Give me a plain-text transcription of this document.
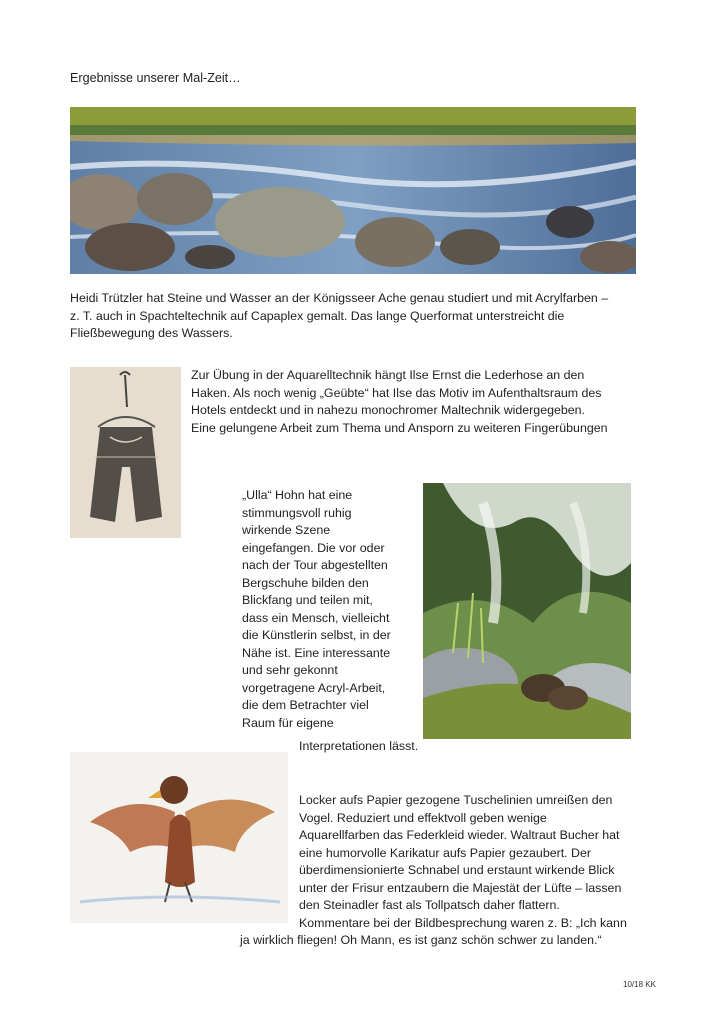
Ergebnisse unserer Mal-Zeit…
Heidi Trützler hat Steine und Wasser an der Königsseer Ache genau studiert und mit Acrylfarben –
z. T. auch in Spachteltechnik auf Capaplex gemalt. Das lange Querformat unterstreicht die
Fließbewegung des Wassers.
Zur Übung in der Aquarelltechnik hängt Ilse Ernst die Lederhose an den
Haken. Als noch wenig „Geübte“ hat Ilse das Motiv im Aufenthaltsraum des
Hotels entdeckt und in nahezu monochromer Maltechnik widergegeben.
Eine gelungene Arbeit zum Thema und Ansporn zu weiteren Fingerübungen
„Ulla“ Hohn hat eine
stimmungsvoll ruhig
wirkende Szene
eingefangen. Die vor oder
nach der Tour abgestellten
Bergschuhe bilden den
Blickfang und teilen mit,
dass ein Mensch, vielleicht
die Künstlerin selbst, in der
Nähe ist. Eine interessante
und sehr gekonnt
vorgetragene Acryl-Arbeit,
die dem Betrachter viel
Raum für eigene
Interpretationen lässt.
Locker aufs Papier gezogene Tuschelinien umreißen den
Vogel. Reduziert und effektvoll geben wenige
Aquarellfarben das Federkleid wieder. Waltraut Bucher hat
eine humorvolle Karikatur aufs Papier gezaubert. Der
überdimensionierte Schnabel und erstaunt wirkende Blick
unter der Frisur entzaubern die Majestät der Lüfte – lassen
den Steinadler fast als Tollpatsch daher flattern.
Kommentare bei der Bildbesprechung waren z. B: „Ich kann
ja wirklich fliegen! Oh Mann, es ist ganz schön schwer zu landen.“
10/18 KK
